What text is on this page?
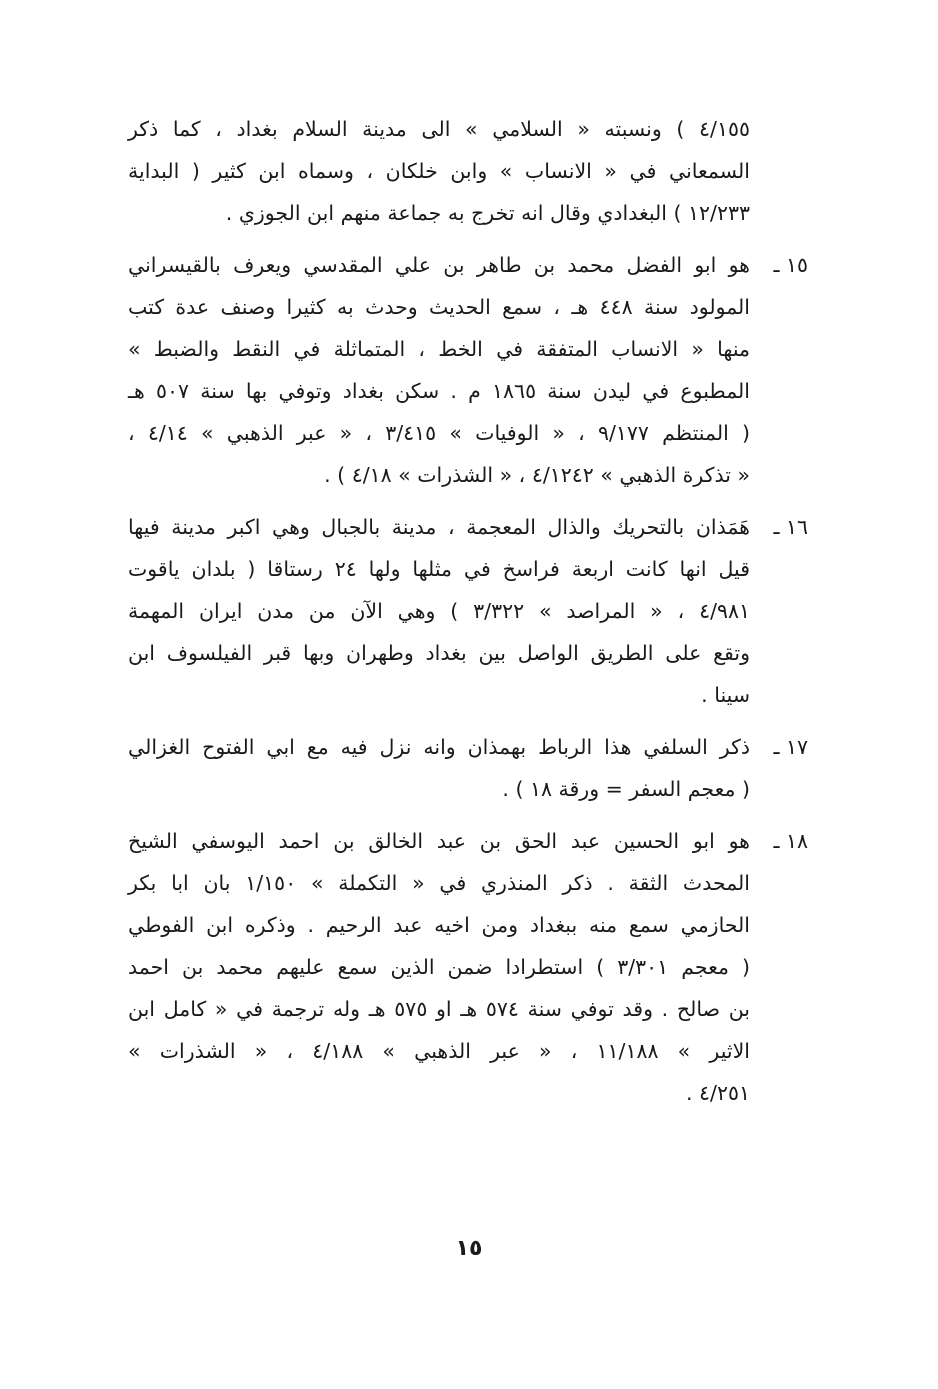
٤/١٥٥ ) ونسبته « السلامي » الى مدينة السلام بغداد ، كما ذكر
السمعاني في « الانساب » وابن خلكان ، وسماه ابن كثير ( البداية
١٢/٢٣٣ ) البغدادي وقال انه تخرج به جماعة منهم ابن الجوزي .
١٥ ـ
هو ابو الفضل محمد بن طاهر بن علي المقدسي ويعرف بالقيسراني
المولود سنة ٤٤٨ هـ ، سمع الحديث وحدث به كثيرا وصنف عدة كتب
منها « الانساب المتفقة في الخط ، المتماثلة في النقط والضبط »
المطبوع في ليدن سنة ١٨٦٥ م . سكن بغداد وتوفي بها سنة ٥٠٧ هـ
( المنتظم ٩/١٧٧ ، « الوفيات » ٣/٤١٥ ، « عبر الذهبي » ٤/١٤ ،
« تذكرة الذهبي » ٤/١٢٤٢ ، « الشذرات » ٤/١٨ ) .
١٦ ـ
هَمَذان بالتحريك والذال المعجمة ، مدينة بالجبال وهي اكبر مدينة فيها
قيل انها كانت اربعة فراسخ في مثلها ولها ٢٤ رستاقا ( بلدان ياقوت
٤/٩٨١ ، « المراصد » ٣/٣٢٢ ) وهي الآن من مدن ايران المهمة
وتقع على الطريق الواصل بين بغداد وطهران وبها قبر الفيلسوف ابن
سينا .
١٧ ـ
ذكر السلفي هذا الرباط بهمذان وانه نزل فيه مع ابي الفتوح الغزالي
( معجم السفر = ورقة ١٨ ) .
١٨ ـ
هو ابو الحسين عبد الحق بن عبد الخالق بن احمد اليوسفي الشيخ
المحدث الثقة . ذكر المنذري في « التكملة » ١/١٥٠ بان ابا بكر
الحازمي سمع منه ببغداد ومن اخيه عبد الرحيم . وذكره ابن الفوطي
( معجم ٣/٣٠١ ) استطرادا ضمن الذين سمع عليهم محمد بن احمد
بن صالح . وقد توفي سنة ٥٧٤ هـ او ٥٧٥ هـ وله ترجمة في « كامل ابن
الاثير » ١١/١٨٨ ، « عبر الذهبي » ٤/١٨٨ ، « الشذرات »
٤/٢٥١ .
١٥
